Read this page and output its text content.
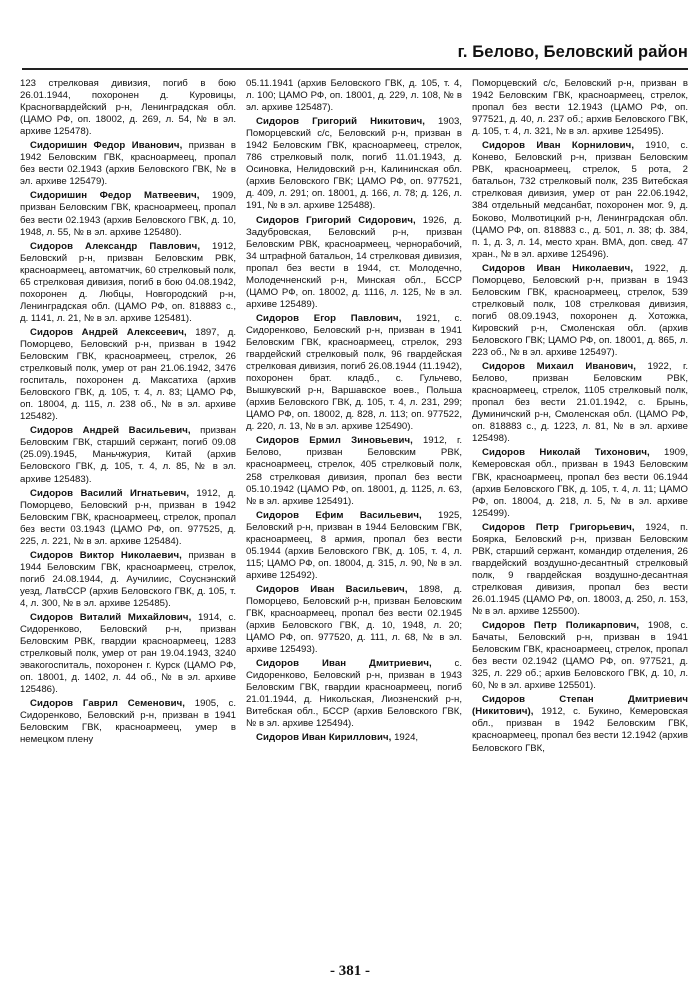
г. Белово, Беловский район

123 стрелковая дивизия, погиб в бою 26.01.1944, похоронен д. Куровицы, Красногвардейский р-н, Ленинградская обл. (ЦАМО РФ, оп. 18002, д. 269, л. 54, № в эл. архиве 125478).

Сидоришин Федор Иванович, призван в 1942 Беловским ГВК, красноармеец, пропал без вести 02.1943 (архив Беловского ГВК, № в эл. архиве 125479).

Сидоришин Федор Матвеевич, 1909, призван Беловским ГВК, красноармеец, пропал без вести 02.1943 (архив Беловского ГВК, д. 10, 1948, л. 55, № в эл. архиве 125480).

Сидоров Александр Павлович, 1912, Беловский р-н, призван Беловским РВК, красноармеец, автоматчик, 60 стрелковый полк, 65 стрелковая дивизия, погиб в бою 04.08.1942, похоронен д. Любцы, Новгородский р-н, Ленинградская обл. (ЦАМО РФ, оп. 818883 с., д. 1141, л. 21, № в эл. архиве 125481).

Сидоров Андрей Алексеевич, 1897, д. Поморцево, Беловский р-н, призван в 1942 Беловским ГВК, красноармеец, стрелок, 26 стрелковый полк, умер от ран 21.06.1942, 3476 госпиталь, похоронен д. Максатиха (архив Беловского ГВК, д. 105, т. 4, л. 83; ЦАМО РФ, оп. 18004, д. 115, л. 238 об., № в эл. архиве 125482).

Сидоров Андрей Васильевич, призван Беловским ГВК, старший сержант, погиб 09.08 (25.09).1945, Маньчжурия, Китай (архив Беловского ГВК, д. 105, т. 4, л. 85, № в эл. архиве 125483).

Сидоров Василий Игнатьевич, 1912, д. Поморцево, Беловский р-н, призван в 1942 Беловским ГВК, красноармеец, стрелок, пропал без вести 03.1943 (ЦАМО РФ, оп. 977525, д. 225, л. 221, № в эл. архиве 125484).

Сидоров Виктор Николаевич, призван в 1944 Беловским ГВК, красноармеец, стрелок, погиб 24.08.1944, д. Аучилиис, Соуснэнский уезд, ЛатвССР (архив Беловского ГВК, д. 105, т. 4, л. 300, № в эл. архиве 125485).

Сидоров Виталий Михайлович, 1914, с. Сидоренково, Беловский р-н, призван Беловским РВК, гвардии красноармеец, 1283 стрелковый полк, умер от ран 19.04.1943, 3240 эвакогоспиталь, похоронен г. Курск (ЦАМО РФ, оп. 18001, д. 1402, л. 44 об., № в эл. архиве 125486).

Сидоров Гаврил Семенович, 1905, с. Сидоренково, Беловский р-н, призван в 1941 Беловским ГВК, красноармеец, умер в немецком плену

05.11.1941 (архив Беловского ГВК, д. 105, т. 4, л. 100; ЦАМО РФ, оп. 18001, д. 229, л. 108, № в эл. архиве 125487).

Сидоров Григорий Никитович, 1903, Поморцевский с/с, Беловский р-н, призван в 1942 Беловским ГВК, красноармеец, стрелок, 786 стрелковый полк, погиб 11.01.1943, д. Осиновка, Нелидовский р-н, Калининская обл. (архив Беловского ГВК; ЦАМО РФ, оп. 977521, д. 409, л. 291; оп. 18001, д. 166, л. 78; д. 126, л. 191, № в эл. архиве 125488).

Сидоров Григорий Сидорович, 1926, д. Задубровская, Беловский р-н, призван Беловским РВК, красноармеец, чернорабочий, 34 штрафной батальон, 14 стрелковая дивизия, пропал без вести в 1944, ст. Молодечно, Молодечненский р-н, Минская обл., БССР (ЦАМО РФ, оп. 18002, д. 1116, л. 125, № в эл. архиве 125489).

Сидоров Егор Павлович, 1921, с. Сидоренково, Беловский р-н, призван в 1941 Беловским ГВК, красноармеец, стрелок, 293 гвардейский стрелковый полк, 96 гвардейская стрелковая дивизия, погиб 26.08.1944 (11.1942), похоронен брат. кладб., с. Гульчево, Вышкувский р-н, Варшавское воев., Польша (архив Беловского ГВК, д. 105, т. 4, л. 231, 299; ЦАМО РФ, оп. 18002, д. 828, л. 113; оп. 977522, д. 220, л. 13, № в эл. архиве 125490).

Сидоров Ермил Зиновьевич, 1912, г. Белово, призван Беловским РВК, красноармеец, стрелок, 405 стрелковый полк, 258 стрелковая дивизия, пропал без вести 05.10.1942 (ЦАМО РФ, оп. 18001, д. 1125, л. 63, № в эл. архиве 125491).

Сидоров Ефим Васильевич, 1925, Беловский р-н, призван в 1944 Беловским ГВК, красноармеец, 8 армия, пропал без вести 05.1944 (архив Беловского ГВК, д. 105, т. 4, л. 115; ЦАМО РФ, оп. 18004, д. 315, л. 90, № в эл. архиве 125492).

Сидоров Иван Васильевич, 1898, д. Поморцево, Беловский р-н, призван Беловским ГВК, красноармеец, пропал без вести 02.1945 (архив Беловского ГВК, д. 10, 1948, л. 20; ЦАМО РФ, оп. 977520, д. 111, л. 68, № в эл. архиве 125493).

Сидоров Иван Дмитриевич, с. Сидоренково, Беловский р-н, призван в 1943 Беловским ГВК, гвардии красноармеец, погиб 21.01.1944, д. Никольская, Лиозненский р-н, Витебская обл., БССР (архив Беловского ГВК, № в эл. архиве 125494).

Сидоров Иван Кириллович, 1924,

Поморцевский с/с, Беловский р-н, призван в 1942 Беловским ГВК, красноармеец, стрелок, пропал без вести 12.1943 (ЦАМО РФ, оп. 977521, д. 40, л. 237 об.; архив Беловского ГВК, д. 105, т. 4, л. 321, № в эл. архиве 125495).

Сидоров Иван Корнилович, 1910, с. Конево, Беловский р-н, призван Беловским РВК, красноармеец, стрелок, 5 рота, 2 батальон, 732 стрелковый полк, 235 Витебская стрелковая дивизия, умер от ран 22.06.1942, 384 отдельный медсанбат, похоронен мог. 9, д. Боково, Молвотицкий р-н, Ленинградская обл. (ЦАМО РФ, оп. 818883 с., д. 501, л. 38; ф. 384, п. 1, д. 3, л. 14, место хран. ВМА, доп. свед. 47 хран., № в эл. архиве 125496).

Сидоров Иван Николаевич, 1922, д. Поморцево, Беловский р-н, призван в 1943 Беловским ГВК, красноармеец, стрелок, 539 стрелковый полк, 108 стрелковая дивизия, погиб 08.09.1943, похоронен д. Хотожка, Кировский р-н, Смоленская обл. (архив Беловского ГВК; ЦАМО РФ, оп. 18001, д. 865, л. 223 об., № в эл. архиве 125497).

Сидоров Михаил Иванович, 1922, г. Белово, призван Беловским РВК, красноармеец, стрелок, 1105 стрелковый полк, пропал без вести 21.01.1942, с. Брынь, Думиничский р-н, Смоленская обл. (ЦАМО РФ, оп. 818883 с., д. 1223, л. 81, № в эл. архиве 125498).

Сидоров Николай Тихонович, 1909, Кемеровская обл., призван в 1943 Беловским ГВК, красноармеец, пропал без вести 06.1944 (архив Беловского ГВК, д. 105, т. 4, л. 11; ЦАМО РФ, оп. 18004, д. 218, л. 5, № в эл. архиве 125499).

Сидоров Петр Григорьевич, 1924, п. Боярка, Беловский р-н, призван Беловским РВК, старший сержант, командир отделения, 26 гвардейский воздушно-десантный стрелковый полк, 9 гвардейская воздушно-десантная стрелковая дивизия, пропал без вести 26.01.1945 (ЦАМО РФ, оп. 18003, д. 250, л. 153, № в эл. архиве 125500).

Сидоров Петр Поликарпович, 1908, с. Бачаты, Беловский р-н, призван в 1941 Беловским ГВК, красноармеец, стрелок, пропал без вести 02.1942 (ЦАМО РФ, оп. 977521, д. 325, л. 229 об.; архив Беловского ГВК, д. 10, л. 60, № в эл. архиве 125501).

Сидоров Степан Дмитриевич (Никитович), 1912, с. Букино, Кемеровская обл., призван в 1942 Беловским ГВК, красноармеец, пропал без вести 12.1942 (архив Беловского ГВК,

- 381 -
